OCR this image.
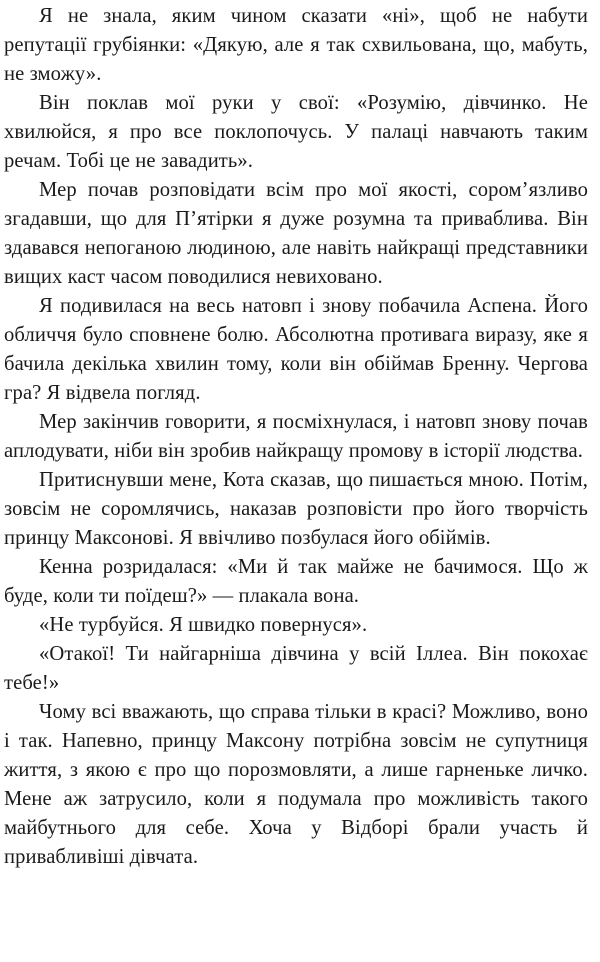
Я не знала, яким чином сказати «ні», щоб не набути репутації грубіянки: «Дякую, але я так схвильована, що, мабуть, не зможу».

Він поклав мої руки у свої: «Розумію, дівчинко. Не хвилюйся, я про все поклопочусь. У палаці навчають таким речам. Тобі це не завадить».

Мер почав розповідати всім про мої якості, сором’язливо згадавши, що для П’ятірки я дуже розумна та приваблива. Він здавався непоганою людиною, але навіть найкращі представники вищих каст часом поводилися невиховано.

Я подивилася на весь натовп і знову побачила Аспена. Його обличчя було сповнене болю. Абсолютна противага виразу, яке я бачила декілька хвилин тому, коли він обіймав Бренну. Чергова гра? Я відвела погляд.

Мер закінчив говорити, я посміхнулася, і натовп знову почав аплодувати, ніби він зробив найкращу промову в історії людства.

Притиснувши мене, Кота сказав, що пишається мною. Потім, зовсім не соромлячись, наказав розповісти про його творчість принцу Максонові. Я ввічливо позбулася його обіймів.

Кенна розридалася: «Ми й так майже не бачимося. Що ж буде, коли ти поїдеш?» — плакала вона.

«Не турбуйся. Я швидко повернуся».

«Отакої! Ти найгарніша дівчина у всій Іллеа. Він покохає тебе!»

Чому всі вважають, що справа тільки в красі? Можливо, воно і так. Напевно, принцу Максону потрібна зовсім не супутниця життя, з якою є про що порозмовляти, а лише гарненьке личко. Мене аж затрусило, коли я подумала про можливість такого майбутнього для себе. Хоча у Відборі брали участь й привабливіші дівчата.
